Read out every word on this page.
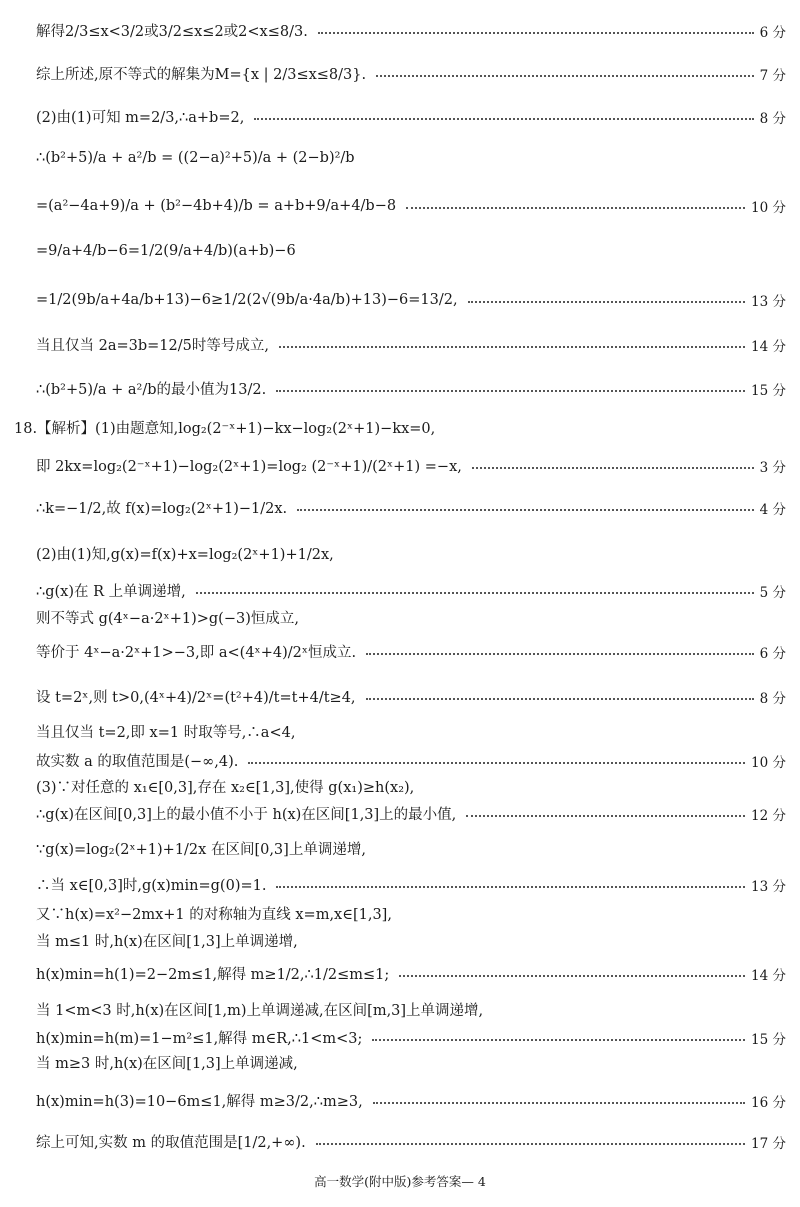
解得2/3≤x<3/2或3/2≤x≤2或2<x≤8/3.	6 分
综上所述,原不等式的解集为M={x | 2/3≤x≤8/3}.	7 分
(2)由(1)可知 m=2/3,∴a+b=2,	8 分
∴(b²+5)/a + a²/b = ((2−a)²+5)/a + (2−b)²/b
=(a²−4a+9)/a + (b²−4b+4)/b = a+b+9/a+4/b−8	10 分
=9/a+4/b−6=1/2(9/a+4/b)(a+b)−6
=1/2(9b/a+4a/b+13)−6≥1/2(2√(9b/a·4a/b)+13)−6=13/2,	13 分
当且仅当 2a=3b=12/5时等号成立,	14 分
∴(b²+5)/a + a²/b的最小值为13/2.	15 分
18.【解析】(1)由题意知,log₂(2⁻ˣ+1)−kx−log₂(2ˣ+1)−kx=0,
即 2kx=log₂(2⁻ˣ+1)−log₂(2ˣ+1)=log₂ (2⁻ˣ+1)/(2ˣ+1) =−x,	3 分
∴k=−1/2,故 f(x)=log₂(2ˣ+1)−1/2x.	4 分
(2)由(1)知,g(x)=f(x)+x=log₂(2ˣ+1)+1/2x,
∴g(x)在 R 上单调递增,	5 分
则不等式 g(4ˣ−a·2ˣ+1)>g(−3)恒成立,
等价于 4ˣ−a·2ˣ+1>−3,即 a<(4ˣ+4)/2ˣ恒成立.	6 分
设 t=2ˣ,则 t>0,(4ˣ+4)/2ˣ=(t²+4)/t=t+4/t≥4,	8 分
当且仅当 t=2,即 x=1 时取等号,∴a<4,
故实数 a 的取值范围是(−∞,4).	10 分
(3)∵对任意的 x₁∈[0,3],存在 x₂∈[1,3],使得 g(x₁)≥h(x₂),
∴g(x)在区间[0,3]上的最小值不小于 h(x)在区间[1,3]上的最小值,	12 分
∵g(x)=log₂(2ˣ+1)+1/2x 在区间[0,3]上单调递增,
∴当 x∈[0,3]时,g(x)min=g(0)=1.	13 分
又∵h(x)=x²−2mx+1 的对称轴为直线 x=m,x∈[1,3],
当 m≤1 时,h(x)在区间[1,3]上单调递增,
h(x)min=h(1)=2−2m≤1,解得 m≥1/2,∴1/2≤m≤1;	14 分
当 1<m<3 时,h(x)在区间[1,m)上单调递减,在区间[m,3]上单调递增,
h(x)min=h(m)=1−m²≤1,解得 m∈R,∴1<m<3;	15 分
当 m≥3 时,h(x)在区间[1,3]上单调递减,
h(x)min=h(3)=10−6m≤1,解得 m≥3/2,∴m≥3,	16 分
综上可知,实数 m 的取值范围是[1/2,+∞).	17 分
高一数学(附中版)参考答案— 4
